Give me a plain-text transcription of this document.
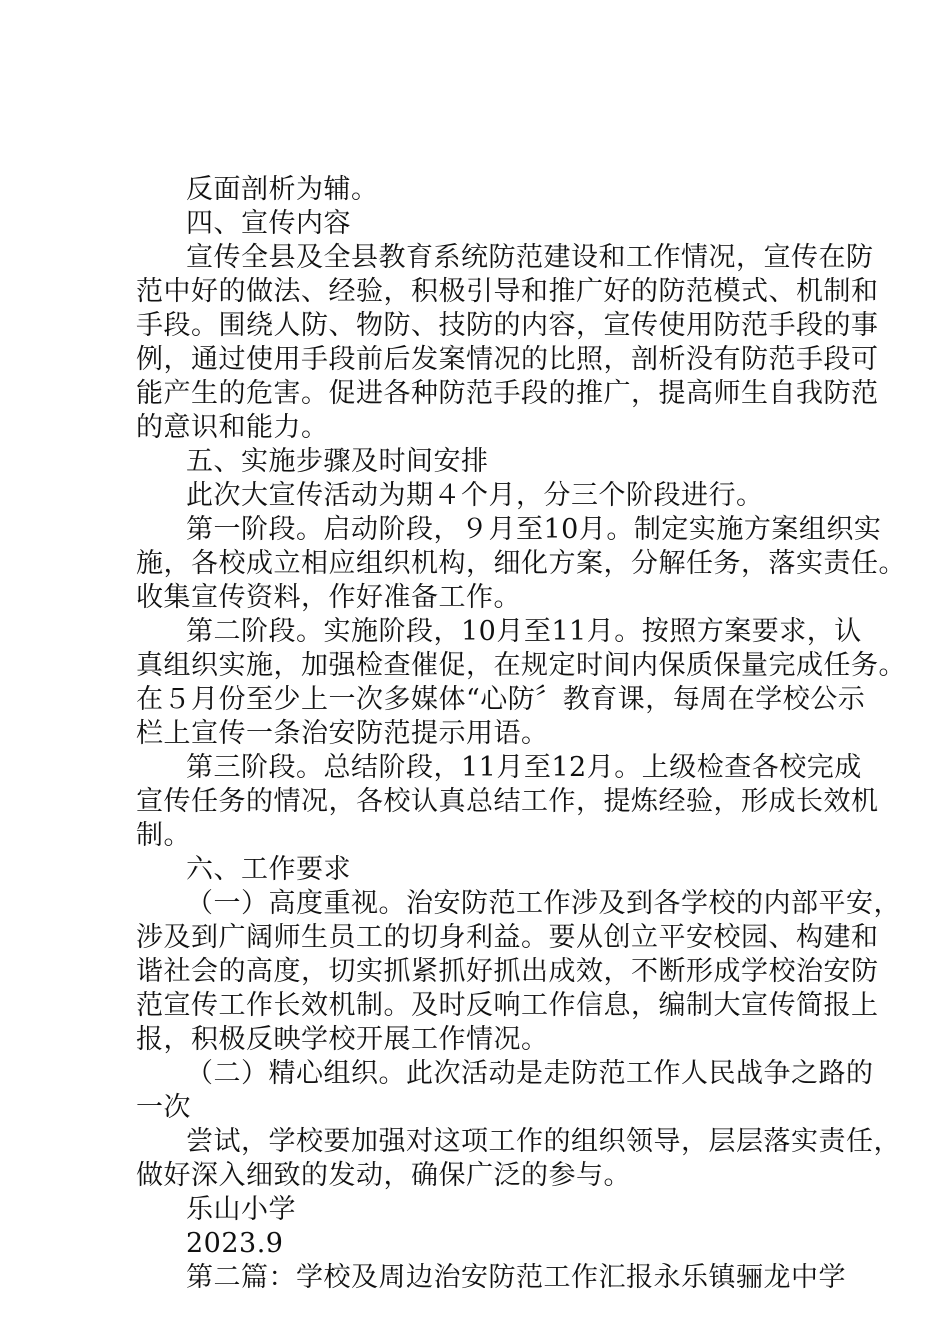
反面剖析为辅。
四、宣传内容
宣传全县及全县教育系统防范建设和工作情况，宣传在防
范中好的做法、经验，积极引导和推广好的防范模式、机制和
手段。围绕人防、物防、技防的内容，宣传使用防范手段的事
例，通过使用手段前后发案情况的比照，剖析没有防范手段可
能产生的危害。促进各种防范手段的推广，提高师生自我防范
的意识和能力。
五、实施步骤及时间安排
此次大宣传活动为期４个月，分三个阶段进行。
第一阶段。启动阶段，９月至10月。制定实施方案组织实
施，各校成立相应组织机构，细化方案，分解任务，落实责任。
收集宣传资料，作好准备工作。
第二阶段。实施阶段，10月至11月。按照方案要求，认
真组织实施，加强检查催促，在规定时间内保质保量完成任务。
在５月份至少上一次多媒体“心防〞教育课，每周在学校公示
栏上宣传一条治安防范提示用语。
第三阶段。总结阶段，11月至12月。上级检查各校完成
宣传任务的情况，各校认真总结工作，提炼经验，形成长效机
制。
六、工作要求
（一）高度重视。治安防范工作涉及到各学校的内部平安，
涉及到广阔师生员工的切身利益。要从创立平安校园、构建和
谐社会的高度，切实抓紧抓好抓出成效，不断形成学校治安防
范宣传工作长效机制。及时反响工作信息，编制大宣传简报上
报，积极反映学校开展工作情况。
（二）精心组织。此次活动是走防范工作人民战争之路的
一次
尝试，学校要加强对这项工作的组织领导，层层落实责任，
做好深入细致的发动，确保广泛的参与。
乐山小学
2023.9
第二篇：学校及周边治安防范工作汇报永乐镇骊龙中学
